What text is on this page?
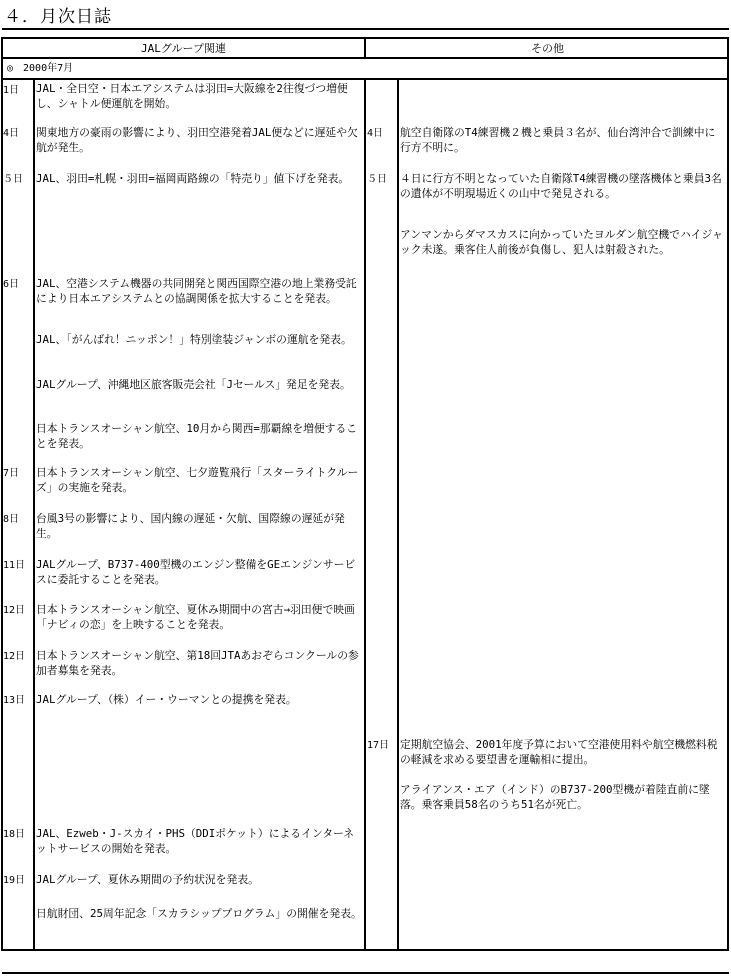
４．月次日誌
JALグループ関連	その他
◎　2000年7月
1日
4日
５日
6日
7日
8日
11日
12日
12日
13日
18日
19日
JAL・全日空・日本エアシステムは羽田=大阪線を2往復づつ増便し、シャトル便運航を開始。
関東地方の豪雨の影響により、羽田空港発着JAL便などに遅延や欠航が発生。
JAL、羽田=札幌・羽田=福岡両路線の「特売り」値下げを発表。
JAL、空港システム機器の共同開発と関西国際空港の地上業務受託により日本エアシステムとの協調関係を拡大することを発表。
JAL、「がんばれ！ニッポン！」特別塗装ジャンボの運航を発表。
JALグループ、沖縄地区旅客販売会社「Jセールス」発足を発表。
日本トランスオーシャン航空、10月から関西=那覇線を増便することを発表。
日本トランスオーシャン航空、七夕遊覧飛行「スターライトクルーズ」の実施を発表。
台風3号の影響により、国内線の遅延・欠航、国際線の遅延が発生。
JALグループ、B737-400型機のエンジン整備をGEエンジンサービスに委託することを発表。
日本トランスオーシャン航空、夏休み期間中の宮古→羽田便で映画「ナビィの恋」を上映することを発表。
日本トランスオーシャン航空、第18回JTAあおぞらコンクールの参加者募集を発表。
JALグループ、（株）イー・ウーマンとの提携を発表。
JAL、Ezweb・J-スカイ・PHS（DDIポケット）によるインターネットサービスの開始を発表。
JALグループ、夏休み期間の予約状況を発表。
日航財団、25周年記念「スカラシッププログラム」の開催を発表。
4日
５日
17日
航空自衛隊のT4練習機２機と乗員３名が、仙台湾沖合で訓練中に行方不明に。
４日に行方不明となっていた自衛隊T4練習機の墜落機体と乗員3名の遺体が不明現場近くの山中で発見される。
アンマンからダマスカスに向かっていたヨルダン航空機でハイジャック未遂。乗客住人前後が負傷し、犯人は射殺された。
定期航空協会、2001年度予算において空港使用料や航空機燃料税の軽減を求める要望書を運輸相に提出。
アライアンス・エア（インド）のB737-200型機が着陸直前に墜落。乗客乗員58名のうち51名が死亡。
